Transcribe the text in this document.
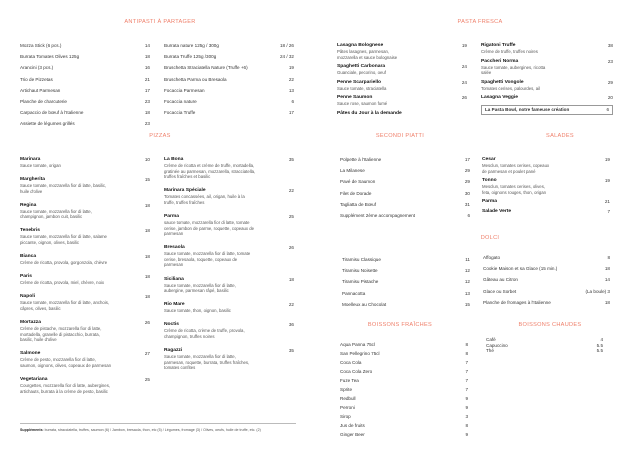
ANTIPASTI À PARTAGER	PASTA FRESCA
PIZZAS	SECONDI PIATTI	SALADES
DOLCI
BOISSONS FRAÎCHES	BOISSONS CHAUDES
Mozza Stick (6 pcs.)	14
Burrata Tomates Olives 125g	18
Arancini (3 pcs.)	16
Trio de Pizzetas	21
Artichaut Parmesan	17
Planche de charcuterie	23
Carpaccio de bœuf à l'Italienne	18
Assiette de légumes grillés	23
Burrata nature 125g / 300g	18 / 26
Burrata Truffe 125g /300g	24 / 32
Bruschetta Straciatella Nature (Truffe +6)	19
Bruschetta Parma ou Bresaola	22
Focaccia Parmesan	13
Focaccia nature	6
Focaccia Truffe	17
Lasagna Bolognese	19
Pâtes lasagnes, parmesan, mozzarella et sauce bolognaise
Spaghetti Carbonara	24
Guanciale, pecorino, oeuf
Penne Scarpariello	24
Sauce tomate, straciatella
Penne Saumon	26
Sauce rose, saumon fumé
Pâtes du Jour à la demande
Rigatoni Truffe	38
Crème de truffe, truffes noires
Paccheri Norma	23
Sauce tomate, aubergines, ricotta salée
Spaghetti Vongole	29
Tomates cerises, palourdes, ail
Lasagna Veggie	20
La Pasta Bowl, notre fameuse création	6
Marinara	10
Sauce tomate, origan
Margherita	15
Sauce tomate, mozzarella fior di latte, basilic, huile d'olive
Regina	18
Sauce tomate, mozzarella fior di latte, champignon, jambon cuit, basilic
Tenebris	18
Sauce tomate, mozzarella fior di latte, salame piccante, oignon, olives, basilic
Bianca	18
Crème de ricotta, provola, gorgonzola, chèvre
Paris	18
Crème de ricotta, provola, miel, chèvre, noix
Napoli	18
Sauce tomate, mozzarella fior di latte, anchois, câpres, olives, basilic
Mortazza	26
Crème de pistache, mozzarella fior di latte, mortadella, granelle di pistacchio, burrata, basilic, huile d'olive
Salmone	27
Crème de pesto, mozzarella fior di latte, saumon, oignons, olives, copeaux de parmesan
Vegetariana	25
Courgettes, mozzarella fior di latte, aubergines, artichauts, burrata à la crème de pesto, basilic
La Bona	35
Crème de ricotta et crème de truffe, mortadella, gratinée au parmesan, mozzarella, stracciatella, truffes fraîches et basilic
Marinara Spéciale	22
Tomates concassées, ail, origan, huile à la truffe, truffes fraîches
Parma	25
sauce tomate, mozzarella fior di latte, tomate cerise, jambon de parme, roquette, copeaux de parmesan
Bresaola	26
Sauce tomate, mozzarella fior di latte, tomate cerise, bresaola, roquette, copeaux de parmesan
Siciliana	18
Sauce tomate, mozzarella fior di latte, aubergine, parmesan râpé, basilic
Rio Mare	22
Sauce tomate, thon, oignon, basilic
Noctis	36
Crème de ricotta, crème de truffe, provola, champignon, truffes noires
Ragazzi	35
Sauce tomate, mozzarella fior di latte, parmesan, roquette, burrata, truffes fraîches, tomates confites
Suppléments: burrata, stracciatella, truffes, saumon (6) / Jambon, bresaola, thon, etc (5) / Légumes, fromage (3) / Olives, oeufs, huile de truffe, etc. (2)
Polpette à l'Italienne	17
La Milanese	29
Pavé de Saumon	29
Filet de Dorade	30
Tagliatta de Bœuf	31
Supplément 2ème accompagnement	6
Cesar	19
Mesclun, tomates cerises, copeaux de parmesan et poulet pané
Tonno	19
Mesclun, tomates cerises, olives, feta, oignons rouges, thon, origan
Parma	21
Salade Verte	7
Tiramisu Classique	11
Tiramisu Noisette	12
Tiramisu Pistache	12
Pannacotta	13
Moelleux au Chocolat	15
Affogato	8
Cookie Maison et sa Glace (15 min.)	18
Gâteau au Citron	14
Glace ou Sorbet	(La boule) 3
Planche de fromages à l'Italienne	18
Aqua Panna 75cl	8
San Pellegrino 75cl	8
Coca Cola	7
Coca Cola Zero	7
Fuze Tea	7
Sprite	7
Redbull	9
Perroni	9
Sirop	3
Jus de fruits	8
Ginger Beer	9
Café	4
Capuccino	5.5
Thé	5.5
